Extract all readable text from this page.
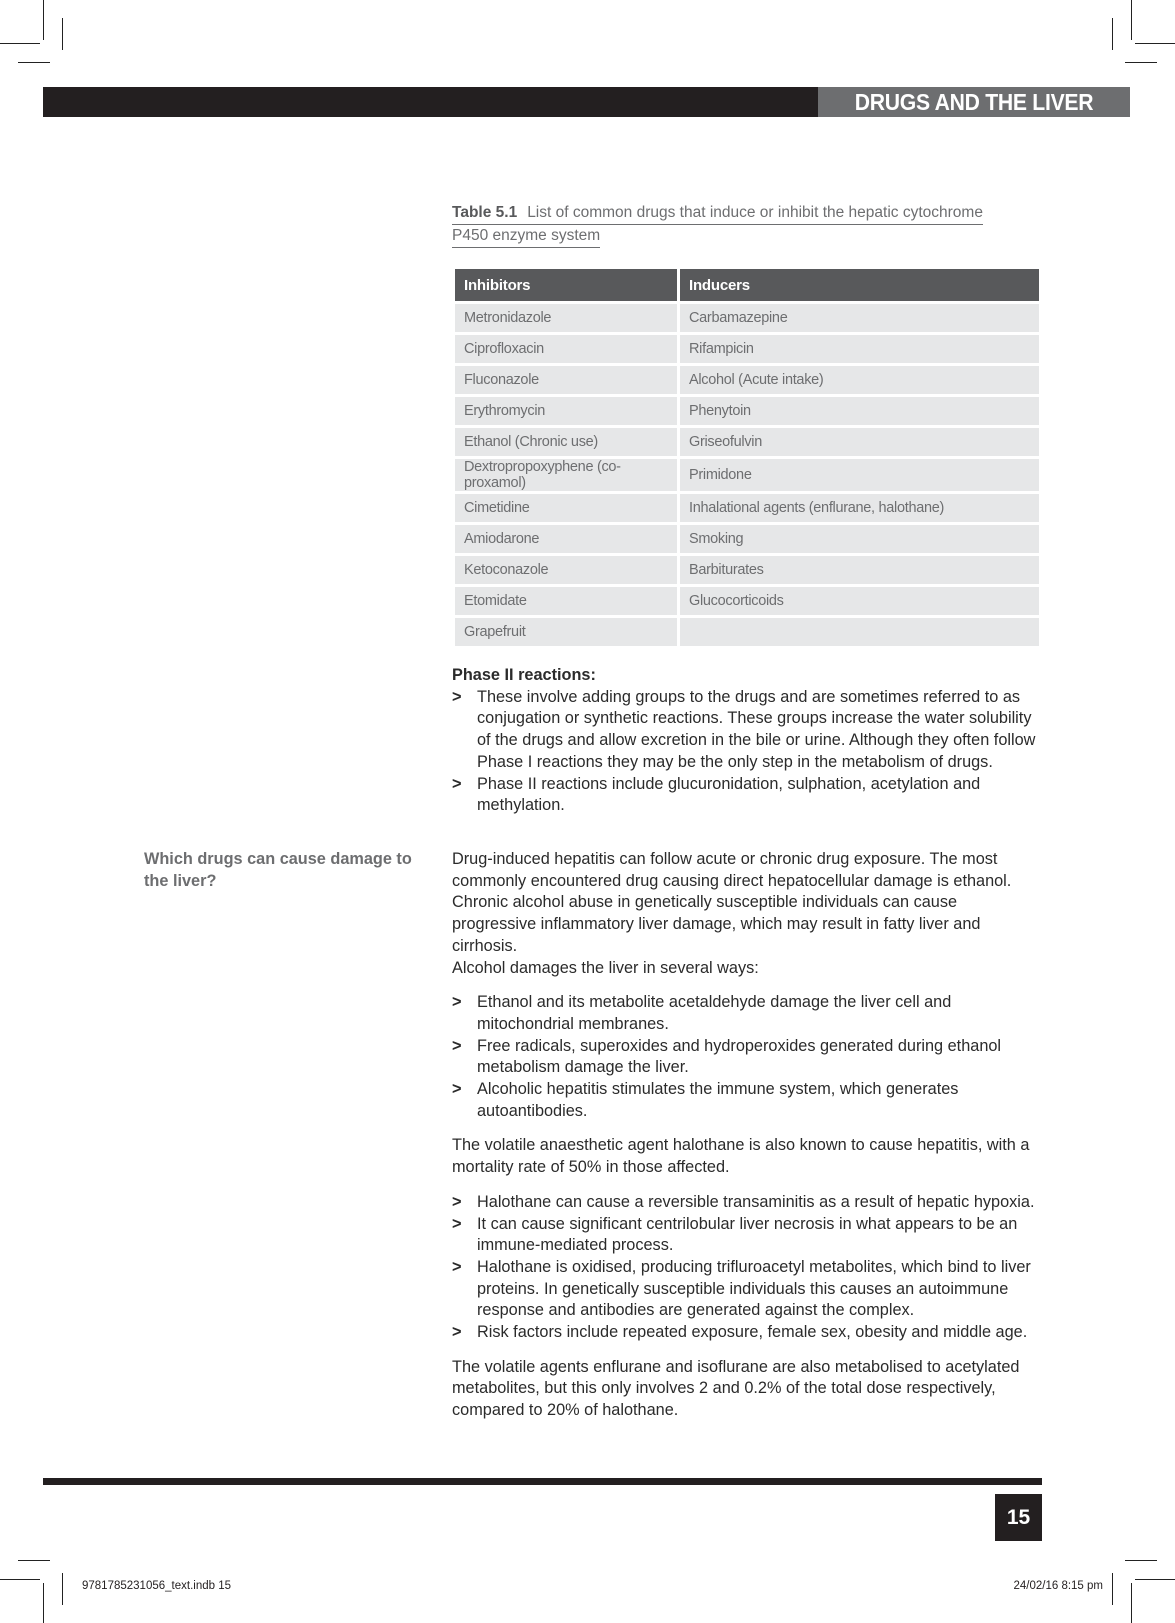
DRUGS AND THE LIVER
Table 5.1 List of common drugs that induce or inhibit the hepatic cytochrome
P450 enzyme system
Inhibitors	Inducers
Metronidazole	Carbamazepine
Ciprofloxacin	Rifampicin
Fluconazole	Alcohol (Acute intake)
Erythromycin	Phenytoin
Ethanol (Chronic use)	Griseofulvin
Dextropropoxyphene (co-proxamol)	Primidone
Cimetidine	Inhalational agents (enflurane, halothane)
Amiodarone	Smoking
Ketoconazole	Barbiturates
Etomidate	Glucocorticoids
Grapefruit	
Phase II reactions:
> These involve adding groups to the drugs and are sometimes referred to as conjugation or synthetic reactions. These groups increase the water solubility of the drugs and allow excretion in the bile or urine. Although they often follow Phase I reactions they may be the only step in the metabolism of drugs.
> Phase II reactions include glucuronidation, sulphation, acetylation and methylation.
Which drugs can cause damage to the liver?
Drug-induced hepatitis can follow acute or chronic drug exposure. The most commonly encountered drug causing direct hepatocellular damage is ethanol. Chronic alcohol abuse in genetically susceptible individuals can cause progressive inflammatory liver damage, which may result in fatty liver and cirrhosis.
Alcohol damages the liver in several ways:
> Ethanol and its metabolite acetaldehyde damage the liver cell and mitochondrial membranes.
> Free radicals, superoxides and hydroperoxides generated during ethanol metabolism damage the liver.
> Alcoholic hepatitis stimulates the immune system, which generates autoantibodies.
The volatile anaesthetic agent halothane is also known to cause hepatitis, with a mortality rate of 50% in those affected.
> Halothane can cause a reversible transaminitis as a result of hepatic hypoxia.
> It can cause significant centrilobular liver necrosis in what appears to be an immune-mediated process.
> Halothane is oxidised, producing trifluroacetyl metabolites, which bind to liver proteins. In genetically susceptible individuals this causes an autoimmune response and antibodies are generated against the complex.
> Risk factors include repeated exposure, female sex, obesity and middle age.
The volatile agents enflurane and isoflurane are also metabolised to acetylated metabolites, but this only involves 2 and 0.2% of the total dose respectively, compared to 20% of halothane.
15
9781785231056_text.indb 15	24/02/16 8:15 pm
